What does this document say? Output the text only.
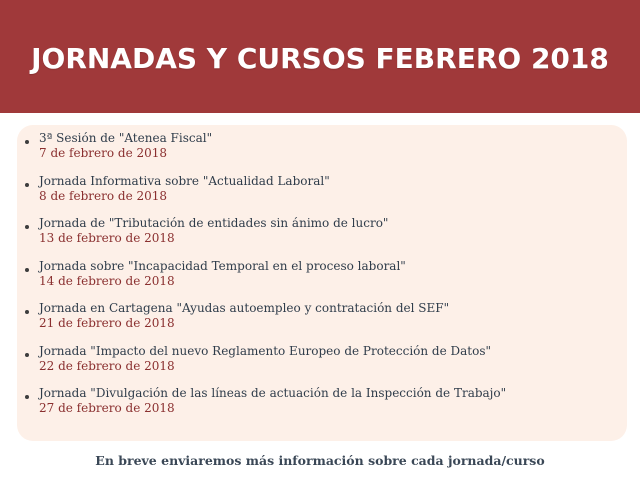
JORNADAS Y CURSOS FEBRERO 2018
3ª Sesión de "Atenea Fiscal"
7 de febrero de 2018
Jornada Informativa sobre "Actualidad Laboral"
8 de febrero de 2018
Jornada de "Tributación de entidades sin ánimo de lucro"
13 de febrero de 2018
Jornada sobre "Incapacidad Temporal en el proceso laboral"
14 de febrero de 2018
Jornada en Cartagena "Ayudas autoempleo y contratación del SEF"
21 de febrero de 2018
Jornada "Impacto del nuevo Reglamento Europeo de Protección de Datos"
22 de febrero de 2018
Jornada "Divulgación de las líneas de actuación de la Inspección de Trabajo"
27 de febrero de 2018
En breve enviaremos más información sobre cada jornada/curso
